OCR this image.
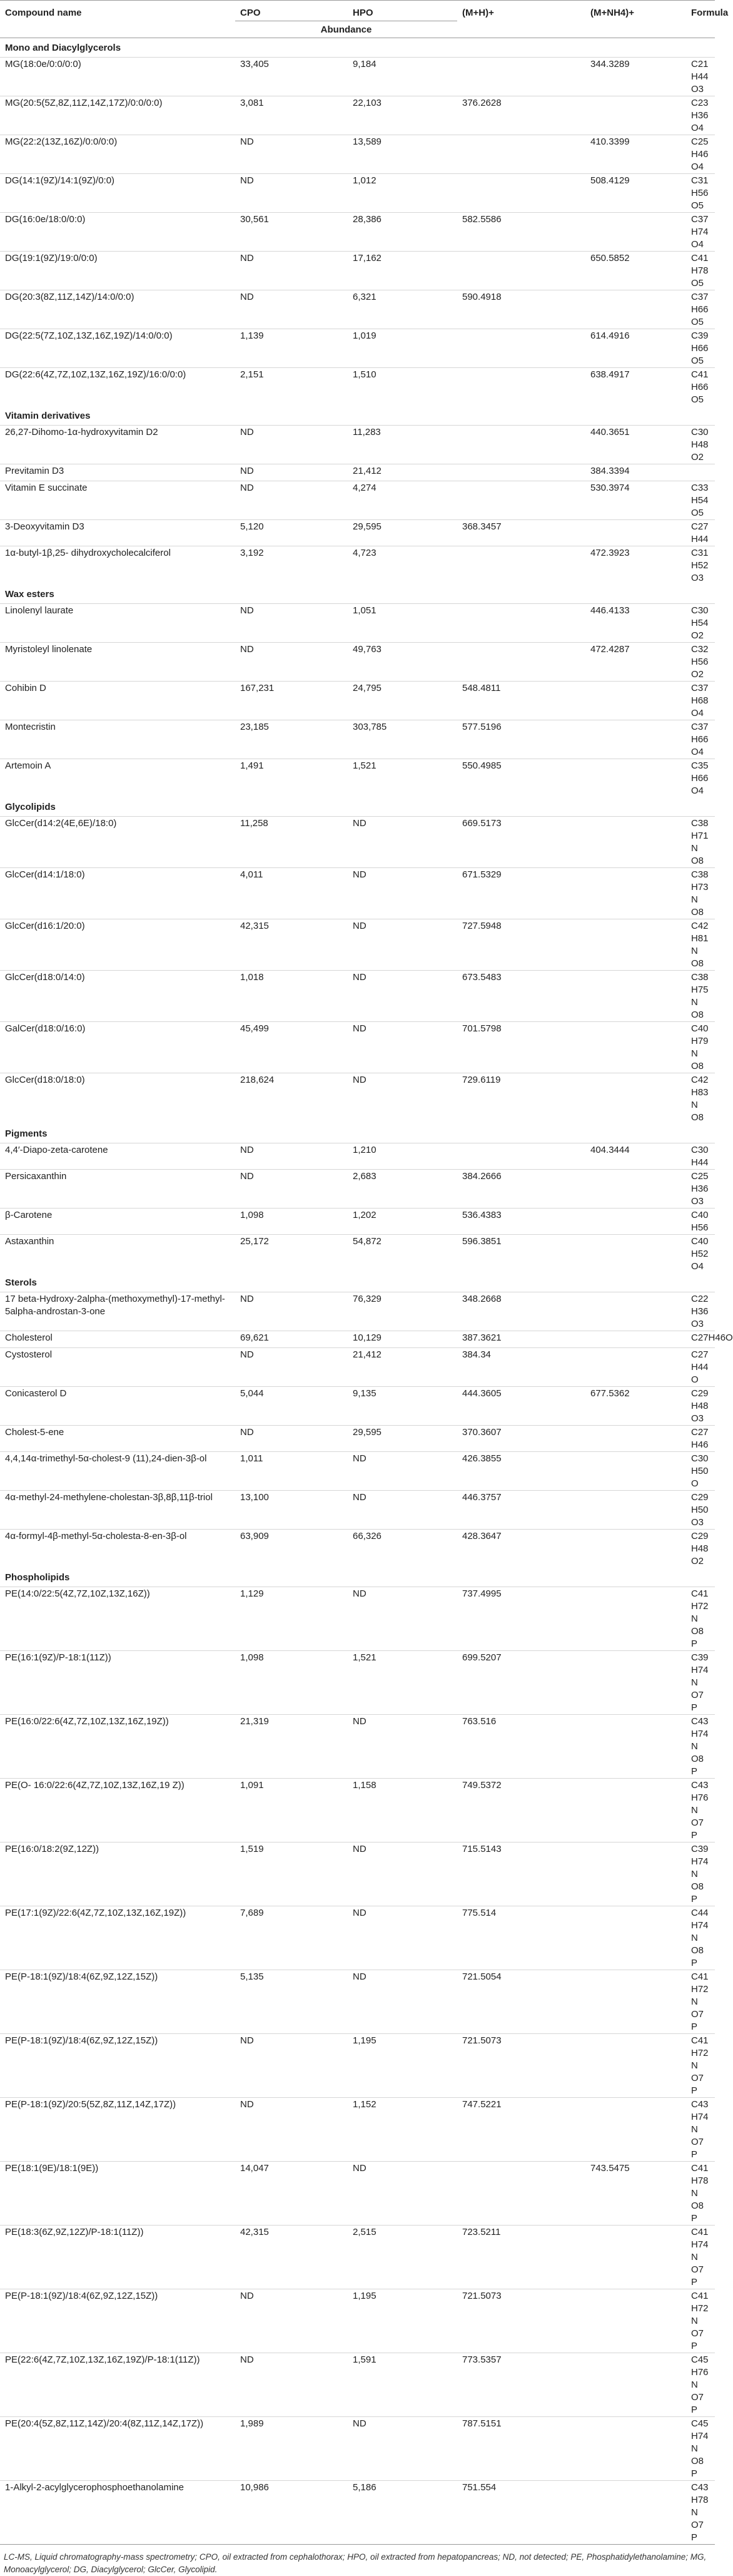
Compound name	CPO	HPO	(M+H)+	(M+NH4)+	Formula
	Abundance				
Mono and Diacylglycerols					
MG(18:0e/0:0/0:0)	33,405	9,184		344.3289	C21 H44 O3
MG(20:5(5Z,8Z,11Z,14Z,17Z)/0:0/0:0)	3,081	22,103	376.2628		C23 H36 O4
MG(22:2(13Z,16Z)/0:0/0:0)	ND	13,589		410.3399	C25 H46 O4
DG(14:1(9Z)/14:1(9Z)/0:0)	ND	1,012		508.4129	C31 H56 O5
DG(16:0e/18:0/0:0)	30,561	28,386	582.5586		C37 H74 O4
DG(19:1(9Z)/19:0/0:0)	ND	17,162		650.5852	C41 H78 O5
DG(20:3(8Z,11Z,14Z)/14:0/0:0)	ND	6,321	590.4918		C37 H66 O5
DG(22:5(7Z,10Z,13Z,16Z,19Z)/14:0/0:0)	1,139	1,019		614.4916	C39 H66 O5
DG(22:6(4Z,7Z,10Z,13Z,16Z,19Z)/16:0/0:0)	2,151	1,510		638.4917	C41 H66 O5
Vitamin derivatives					
26,27-Dihomo-1α-hydroxyvitamin D2	ND	11,283		440.3651	C30 H48 O2
Previtamin D3	ND	21,412		384.3394	
Vitamin E succinate	ND	4,274		530.3974	C33 H54 O5
3-Deoxyvitamin D3	5,120	29,595	368.3457		C27 H44
1α-butyl-1β,25- dihydroxycholecalciferol	3,192	4,723		472.3923	C31 H52 O3
Wax esters					
Linolenyl laurate	ND	1,051		446.4133	C30 H54 O2
Myristoleyl linolenate	ND	49,763		472.4287	C32 H56 O2
Cohibin D	167,231	24,795	548.4811		C37 H68 O4
Montecristin	23,185	303,785	577.5196		C37 H66 O4
Artemoin A	1,491	1,521	550.4985		C35 H66 O4
Glycolipids					
GlcCer(d14:2(4E,6E)/18:0)	11,258	ND	669.5173		C38 H71 N O8
GlcCer(d14:1/18:0)	4,011	ND	671.5329		C38 H73 N O8
GlcCer(d16:1/20:0)	42,315	ND	727.5948		C42 H81 N O8
GlcCer(d18:0/14:0)	1,018	ND	673.5483		C38 H75 N O8
GalCer(d18:0/16:0)	45,499	ND	701.5798		C40 H79 N O8
GlcCer(d18:0/18:0)	218,624	ND	729.6119		C42 H83 N O8
Pigments					
4,4′-Diapo-zeta-carotene	ND	1,210		404.3444	C30 H44
Persicaxanthin	ND	2,683	384.2666		C25 H36 O3
β-Carotene	1,098	1,202	536.4383		C40 H56
Astaxanthin	25,172	54,872	596.3851		C40 H52 O4
Sterols					
17 beta-Hydroxy-2alpha-(methoxymethyl)-17-methyl-5alpha-androstan-3-one	ND	76,329	348.2668		C22 H36 O3
Cholesterol	69,621	10,129	387.3621		C27H46O
Cystosterol	ND	21,412	384.34		C27 H44 O
Conicasterol D	5,044	9,135	444.3605	677.5362	C29 H48 O3
Cholest-5-ene	ND	29,595	370.3607		C27 H46
4,4,14α-trimethyl-5α-cholest-9 (11),24-dien-3β-ol	1,011	ND	426.3855		C30 H50 O
4α-methyl-24-methylene-cholestan-3β,8β,11β-triol	13,100	ND	446.3757		C29 H50 O3
4α-formyl-4β-methyl-5α-cholesta-8-en-3β-ol	63,909	66,326	428.3647		C29 H48 O2
Phospholipids					
PE(14:0/22:5(4Z,7Z,10Z,13Z,16Z))	1,129	ND	737.4995		C41 H72 N O8 P
PE(16:1(9Z)/P-18:1(11Z))	1,098	1,521	699.5207		C39 H74 N O7 P
PE(16:0/22:6(4Z,7Z,10Z,13Z,16Z,19Z))	21,319	ND	763.516		C43 H74 N O8 P
PE(O- 16:0/22:6(4Z,7Z,10Z,13Z,16Z,19 Z))	1,091	1,158	749.5372		C43 H76 N O7 P
PE(16:0/18:2(9Z,12Z))	1,519	ND	715.5143		C39 H74 N O8 P
PE(17:1(9Z)/22:6(4Z,7Z,10Z,13Z,16Z,19Z))	7,689	ND	775.514		C44 H74 N O8 P
PE(P-18:1(9Z)/18:4(6Z,9Z,12Z,15Z))	5,135	ND	721.5054		C41 H72 N O7 P
PE(P-18:1(9Z)/18:4(6Z,9Z,12Z,15Z))	ND	1,195	721.5073		C41 H72 N O7 P
PE(P-18:1(9Z)/20:5(5Z,8Z,11Z,14Z,17Z))	ND	1,152	747.5221		C43 H74 N O7 P
PE(18:1(9E)/18:1(9E))	14,047	ND		743.5475	C41 H78 N O8 P
PE(18:3(6Z,9Z,12Z)/P-18:1(11Z))	42,315	2,515	723.5211		C41 H74 N O7 P
PE(P-18:1(9Z)/18:4(6Z,9Z,12Z,15Z))	ND	1,195	721.5073		C41 H72 N O7 P
PE(22:6(4Z,7Z,10Z,13Z,16Z,19Z)/P-18:1(11Z))	ND	1,591	773.5357		C45 H76 N O7 P
PE(20:4(5Z,8Z,11Z,14Z)/20:4(8Z,11Z,14Z,17Z))	1,989	ND	787.5151		C45 H74 N O8 P
1-Alkyl-2-acylglycerophosphoethanolamine	10,986	5,186	751.554		C43 H78 N O7 P
LC-MS, Liquid chromatography-mass spectrometry; CPO, oil extracted from cephalothorax; HPO, oil extracted from hepatopancreas; ND, not detected; PE, Phosphatidylethanolamine; MG, Monoacylglycerol; DG, Diacylglycerol; GlcCer, Glycolipid.
